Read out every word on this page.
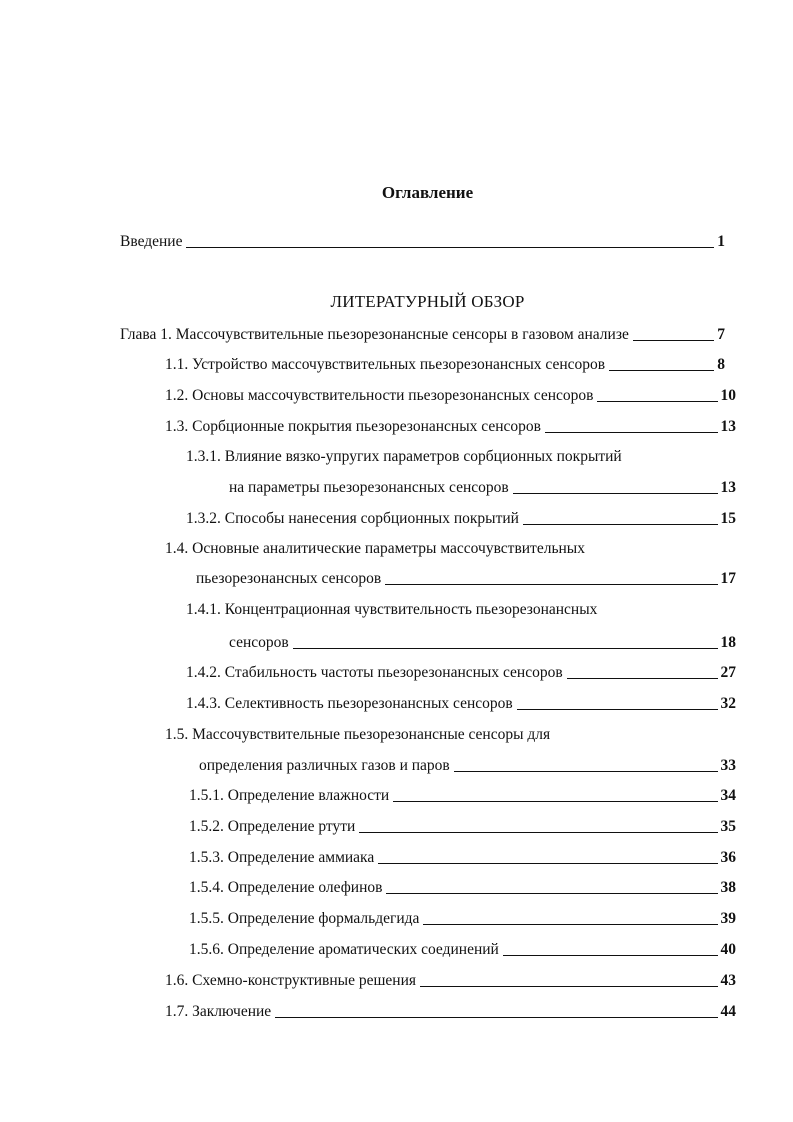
Оглавление
Введение	1
ЛИТЕРАТУРНЫЙ ОБЗОР
Глава 1. Массочувствительные пьезорезонансные сенсоры в газовом анализе	7
1.1. Устройство массочувствительных пьезорезонансных сенсоров	8
1.2. Основы массочувствительности пьезорезонансных сенсоров	10
1.3. Сорбционные покрытия пьезорезонансных сенсоров	13
1.3.1. Влияние вязко-упругих параметров сорбционных покрытий
на параметры пьезорезонансных сенсоров	13
1.3.2. Способы нанесения сорбционных покрытий	15
1.4. Основные аналитические параметры массочувствительных
пьезорезонансных сенсоров	17
1.4.1. Концентрационная чувствительность пьезорезонансных
сенсоров	18
1.4.2. Стабильность частоты пьезорезонансных сенсоров	27
1.4.3. Селективность пьезорезонансных сенсоров	32
1.5. Массочувствительные пьезорезонансные сенсоры для
определения различных газов и паров	33
1.5.1. Определение влажности	34
1.5.2. Определение ртути	35
1.5.3. Определение аммиака	36
1.5.4. Определение олефинов	38
1.5.5. Определение формальдегида	39
1.5.6. Определение ароматических соединений	40
1.6. Схемно-конструктивные решения	43
1.7. Заключение	44
